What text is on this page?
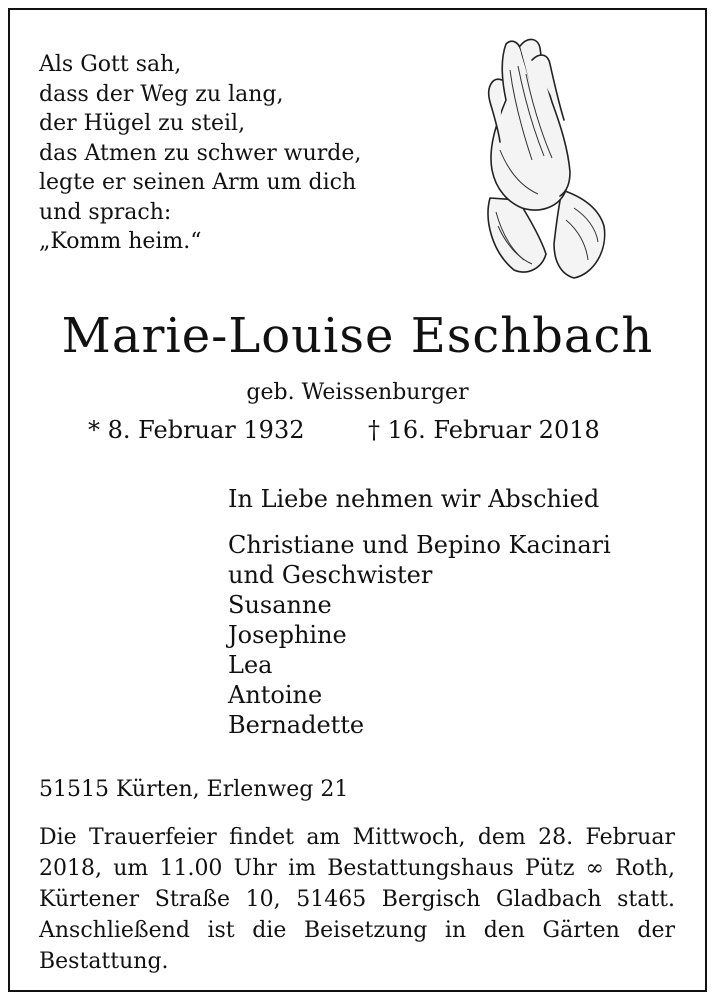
Als Gott sah,
dass der Weg zu lang,
der Hügel zu steil,
das Atmen zu schwer wurde,
legte er seinen Arm um dich
und sprach:
„Komm heim.“
Marie-Louise Eschbach
geb. Weissenburger
* 8. Februar 1932	† 16. Februar 2018
In Liebe nehmen wir Abschied
Christiane und Bepino Kacinari
und Geschwister
Susanne
Josephine
Lea
Antoine
Bernadette
51515 Kürten, Erlenweg 21
Die Trauerfeier findet am Mittwoch, dem 28. Februar
2018, um 11.00 Uhr im Bestattungshaus Pütz ∞ Roth,
Kürtener Straße 10, 51465 Bergisch Gladbach statt.
Anschließend ist die Beisetzung in den Gärten der
Bestattung.
